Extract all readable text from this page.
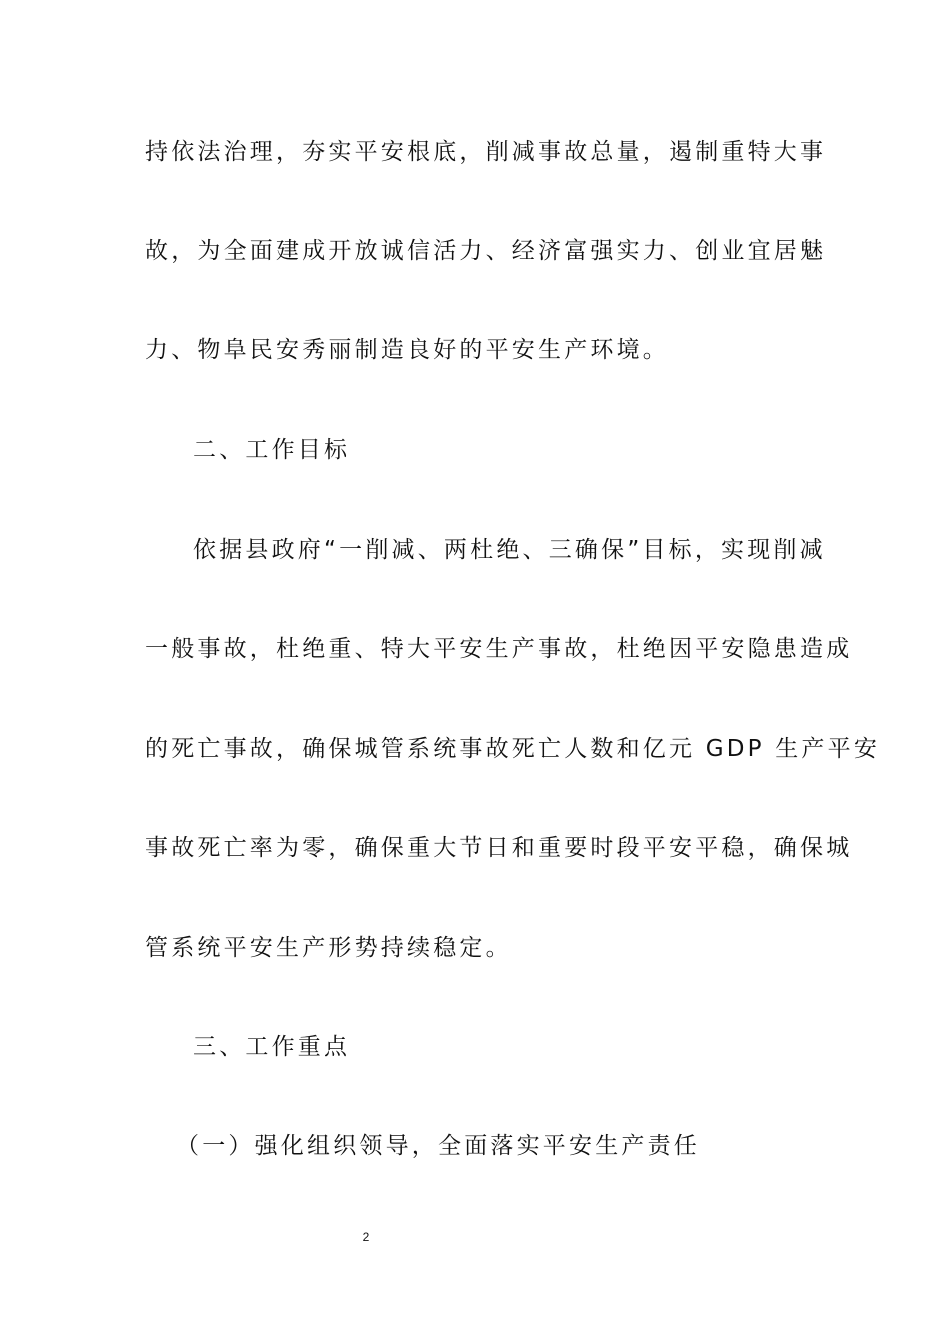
持依法治理，夯实平安根底，削减事故总量，遏制重特大事
故，为全面建成开放诚信活力、经济富强实力、创业宜居魅
力、物阜民安秀丽制造良好的平安生产环境。
二、工作目标
依据县政府“一削减、两杜绝、三确保”目标，实现削减
一般事故，杜绝重、特大平安生产事故，杜绝因平安隐患造成
的死亡事故，确保城管系统事故死亡人数和亿元 GDP 生产平安
事故死亡率为零，确保重大节日和重要时段平安平稳，确保城
管系统平安生产形势持续稳定。
三、工作重点
（一）强化组织领导，全面落实平安生产责任
2
